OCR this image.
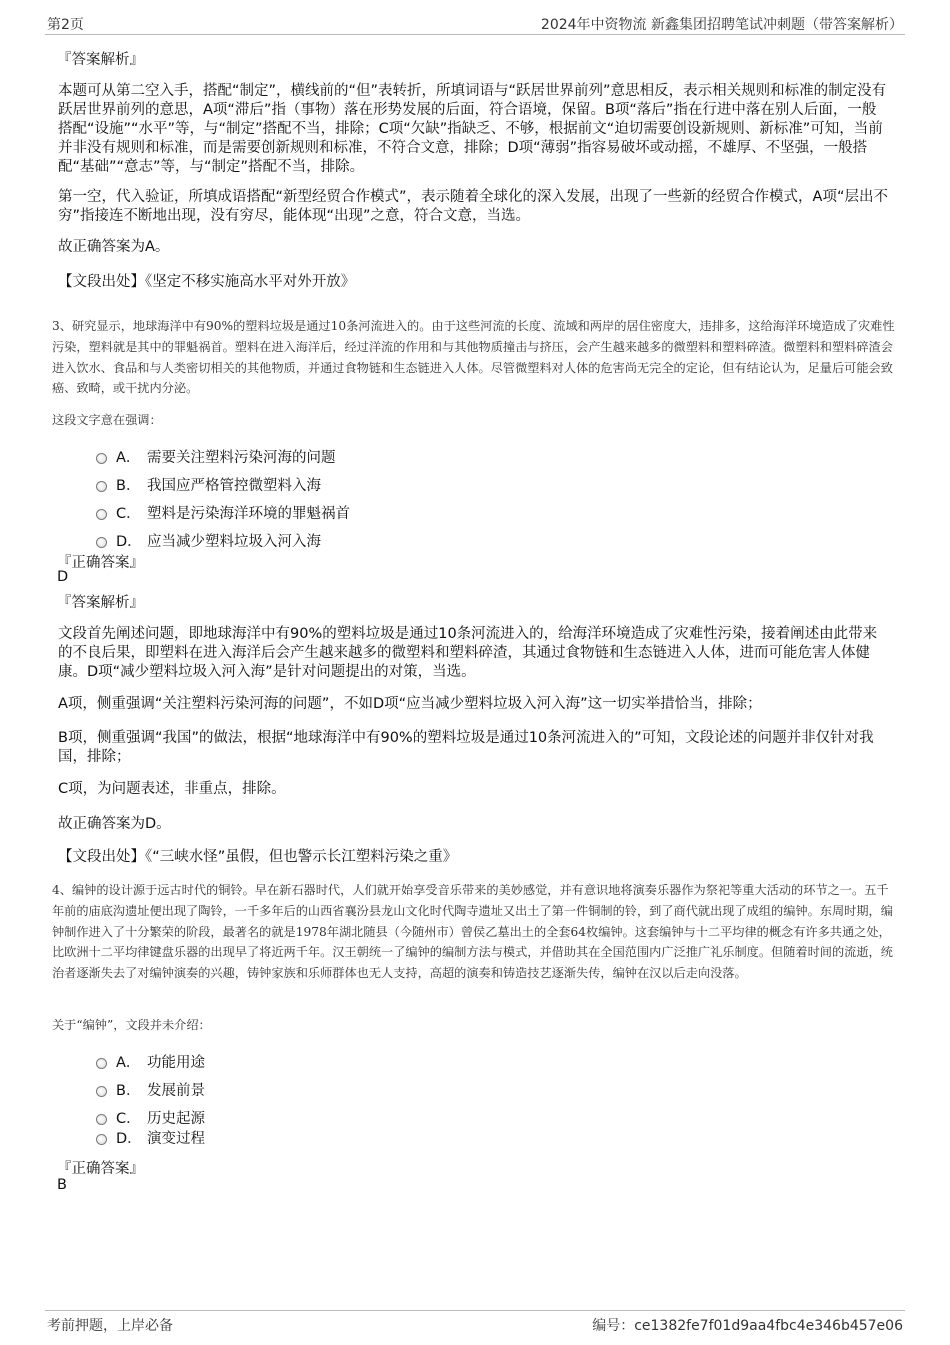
第2页	2024年中资物流 新鑫集团招聘笔试冲刺题（带答案解析）
『答案解析』

本题可从第二空入手，搭配“制定”，横线前的“但”表转折，所填词语与“跃居世界前列”意思相反，表示相关规则和标准的制定没有跃居世界前列的意思，A项“滞后”指（事物）落在形势发展的后面，符合语境，保留。B项“落后”指在行进中落在别人后面，一般搭配“设施”“水平”等，与“制定”搭配不当，排除；C项“欠缺”指缺乏、不够，根据前文“迫切需要创设新规则、新标准”可知，当前并非没有规则和标准，而是需要创新规则和标准，不符合文意，排除；D项“薄弱”指容易破坏或动摇，不雄厚、不坚强，一般搭配“基础”“意志”等，与“制定”搭配不当，排除。

第一空，代入验证，所填成语搭配“新型经贸合作模式”，表示随着全球化的深入发展，出现了一些新的经贸合作模式，A项“层出不穷”指接连不断地出现，没有穷尽，能体现“出现”之意，符合文意，当选。

故正确答案为A。

【文段出处】《坚定不移实施高水平对外开放》

3、研究显示，地球海洋中有90%的塑料垃圾是通过10条河流进入的。由于这些河流的长度、流域和两岸的居住密度大，违排多，这给海洋环境造成了灾难性污染，塑料就是其中的罪魁祸首。塑料在进入海洋后，经过洋流的作用和与其他物质撞击与挤压，会产生越来越多的微塑料和塑料碎渣。微塑料和塑料碎渣会进入饮水、食品和与人类密切相关的其他物质，并通过食物链和生态链进入人体。尽管微塑料对人体的危害尚无完全的定论，但有结论认为，足量后可能会致癌、致畸，或干扰内分泌。

这段文字意在强调：

A． 需要关注塑料污染河海的问题
B． 我国应严格管控微塑料入海
C． 塑料是污染海洋环境的罪魁祸首
D． 应当减少塑料垃圾入河入海
『正确答案』
D
『答案解析』

文段首先阐述问题，即地球海洋中有90%的塑料垃圾是通过10条河流进入的，给海洋环境造成了灾难性污染，接着阐述由此带来的不良后果，即塑料在进入海洋后会产生越来越多的微塑料和塑料碎渣，其通过食物链和生态链进入人体，进而可能危害人体健康。D项“减少塑料垃圾入河入海”是针对问题提出的对策，当选。

A项，侧重强调“关注塑料污染河海的问题”，不如D项“应当减少塑料垃圾入河入海”这一切实举措恰当，排除；

B项，侧重强调“我国”的做法，根据“地球海洋中有90%的塑料垃圾是通过10条河流进入的”可知，文段论述的问题并非仅针对我国，排除；

C项，为问题表述，非重点，排除。

故正确答案为D。

【文段出处】《“三峡水怪”虽假，但也警示长江塑料污染之重》

4、编钟的设计源于远古时代的铜铃。早在新石器时代，人们就开始享受音乐带来的美妙感觉，并有意识地将演奏乐器作为祭祀等重大活动的环节之一。五千年前的庙底沟遗址便出现了陶铃，一千多年后的山西省襄汾县龙山文化时代陶寺遗址又出土了第一件铜制的铃，到了商代就出现了成组的编钟。东周时期，编钟制作进入了十分繁荣的阶段，最著名的就是1978年湖北随县（今随州市）曾侯乙墓出土的全套64枚编钟。这套编钟与十二平均律的概念有许多共通之处，比欧洲十二平均律键盘乐器的出现早了将近两千年。汉王朝统一了编钟的编制方法与模式，并借助其在全国范围内广泛推广礼乐制度。但随着时间的流逝，统治者逐渐失去了对编钟演奏的兴趣，铸钟家族和乐师群体也无人支持，高超的演奏和铸造技艺逐渐失传，编钟在汉以后走向没落。

关于“编钟”，文段并未介绍：

A． 功能用途
B． 发展前景
C． 历史起源
D． 演变过程
『正确答案』
B
考前押题，上岸必备	编号：ce1382fe7f01d9aa4fbc4e346b457e06
